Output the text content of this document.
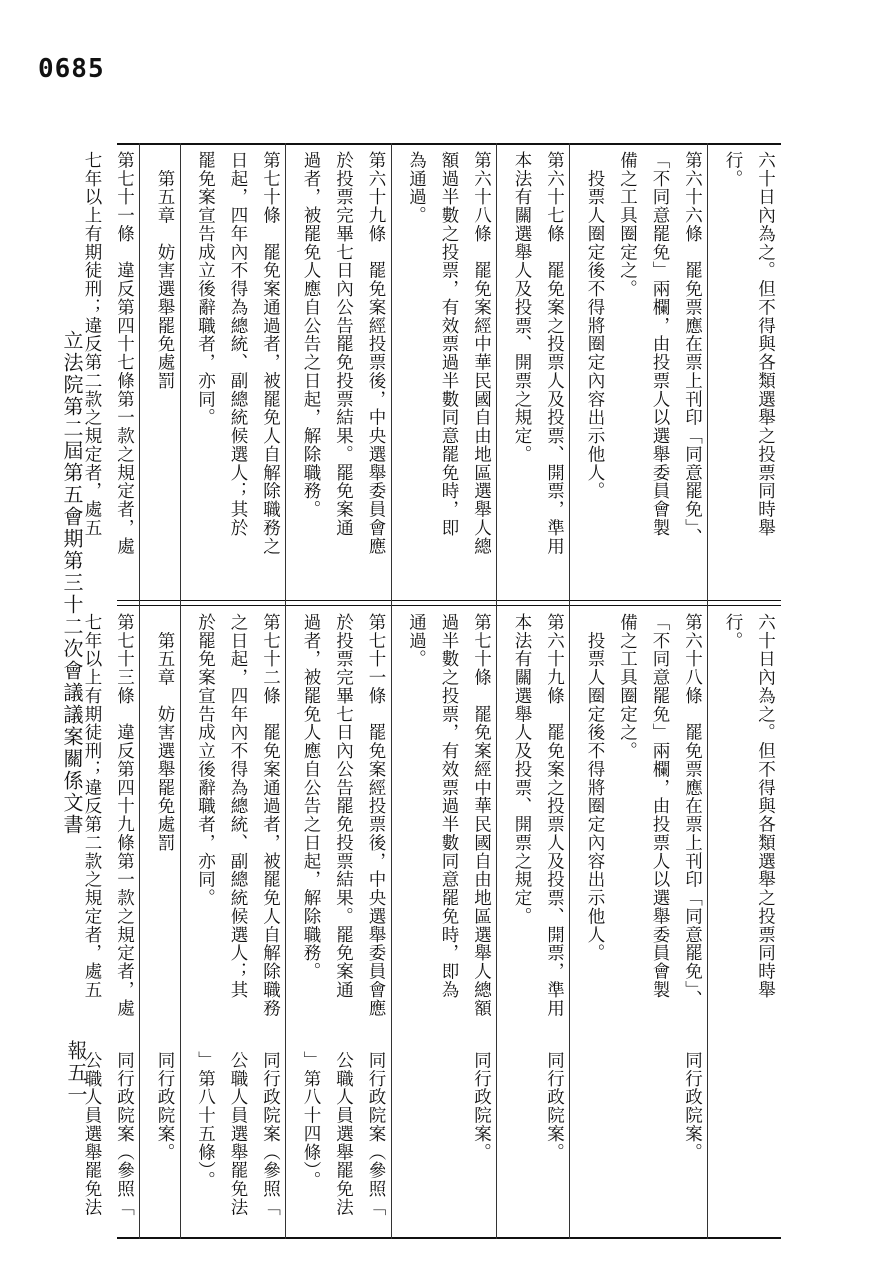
0685
立法院第二屆第五會期第三十二次會議議案關係文書
報五一
六十日內為之。但不得與各類選舉之投票同時舉
行。
第六十六條　罷免票應在票上刊印「同意罷免」、
「不同意罷免」兩欄，由投票人以選舉委員會製
備之工具圈定之。
　投票人圈定後不得將圈定內容出示他人。
第六十七條　罷免案之投票人及投票、開票，準用
本法有關選舉人及投票、開票之規定。
第六十八條　罷免案經中華民國自由地區選舉人總
額過半數之投票，有效票過半數同意罷免時，即
為通過。
第六十九條　罷免案經投票後，中央選舉委員會應
於投票完畢七日內公告罷免投票結果。罷免案通
過者，被罷免人應自公告之日起，解除職務。
第七十條　罷免案通過者，被罷免人自解除職務之
日起，四年內不得為總統、副總統候選人；其於
罷免案宣告成立後辭職者，亦同。
　第五章　妨害選舉罷免處罰
第七十一條　違反第四十七條第一款之規定者，處
七年以上有期徒刑；違反第二款之規定者，處五
六十日內為之。但不得與各類選舉之投票同時舉
行。
第六十八條　罷免票應在票上刊印「同意罷免」、
「不同意罷免」兩欄，由投票人以選舉委員會製
備之工具圈定之。
　投票人圈定後不得將圈定內容出示他人。
第六十九條　罷免案之投票人及投票、開票，準用
本法有關選舉人及投票、開票之規定。
第七十條　罷免案經中華民國自由地區選舉人總額
過半數之投票，有效票過半數同意罷免時，即為
通過。
第七十一條　罷免案經投票後，中央選舉委員會應
於投票完畢七日內公告罷免投票結果。罷免案通
過者，被罷免人應自公告之日起，解除職務。
第七十二條　罷免案通過者，被罷免人自解除職務
之日起，四年內不得為總統、副總統候選人；其
於罷免案宣告成立後辭職者，亦同。
　第五章　妨害選舉罷免處罰
第七十三條　違反第四十九條第一款之規定者，處
七年以上有期徒刑；違反第二款之規定者，處五
同行政院案。
同行政院案。
同行政院案。
同行政院案（參照「
公職人員選舉罷免法
」第八十四條）。
同行政院案（參照「
公職人員選舉罷免法
」第八十五條）。
同行政院案。
同行政院案（參照「
公職人員選舉罷免法
